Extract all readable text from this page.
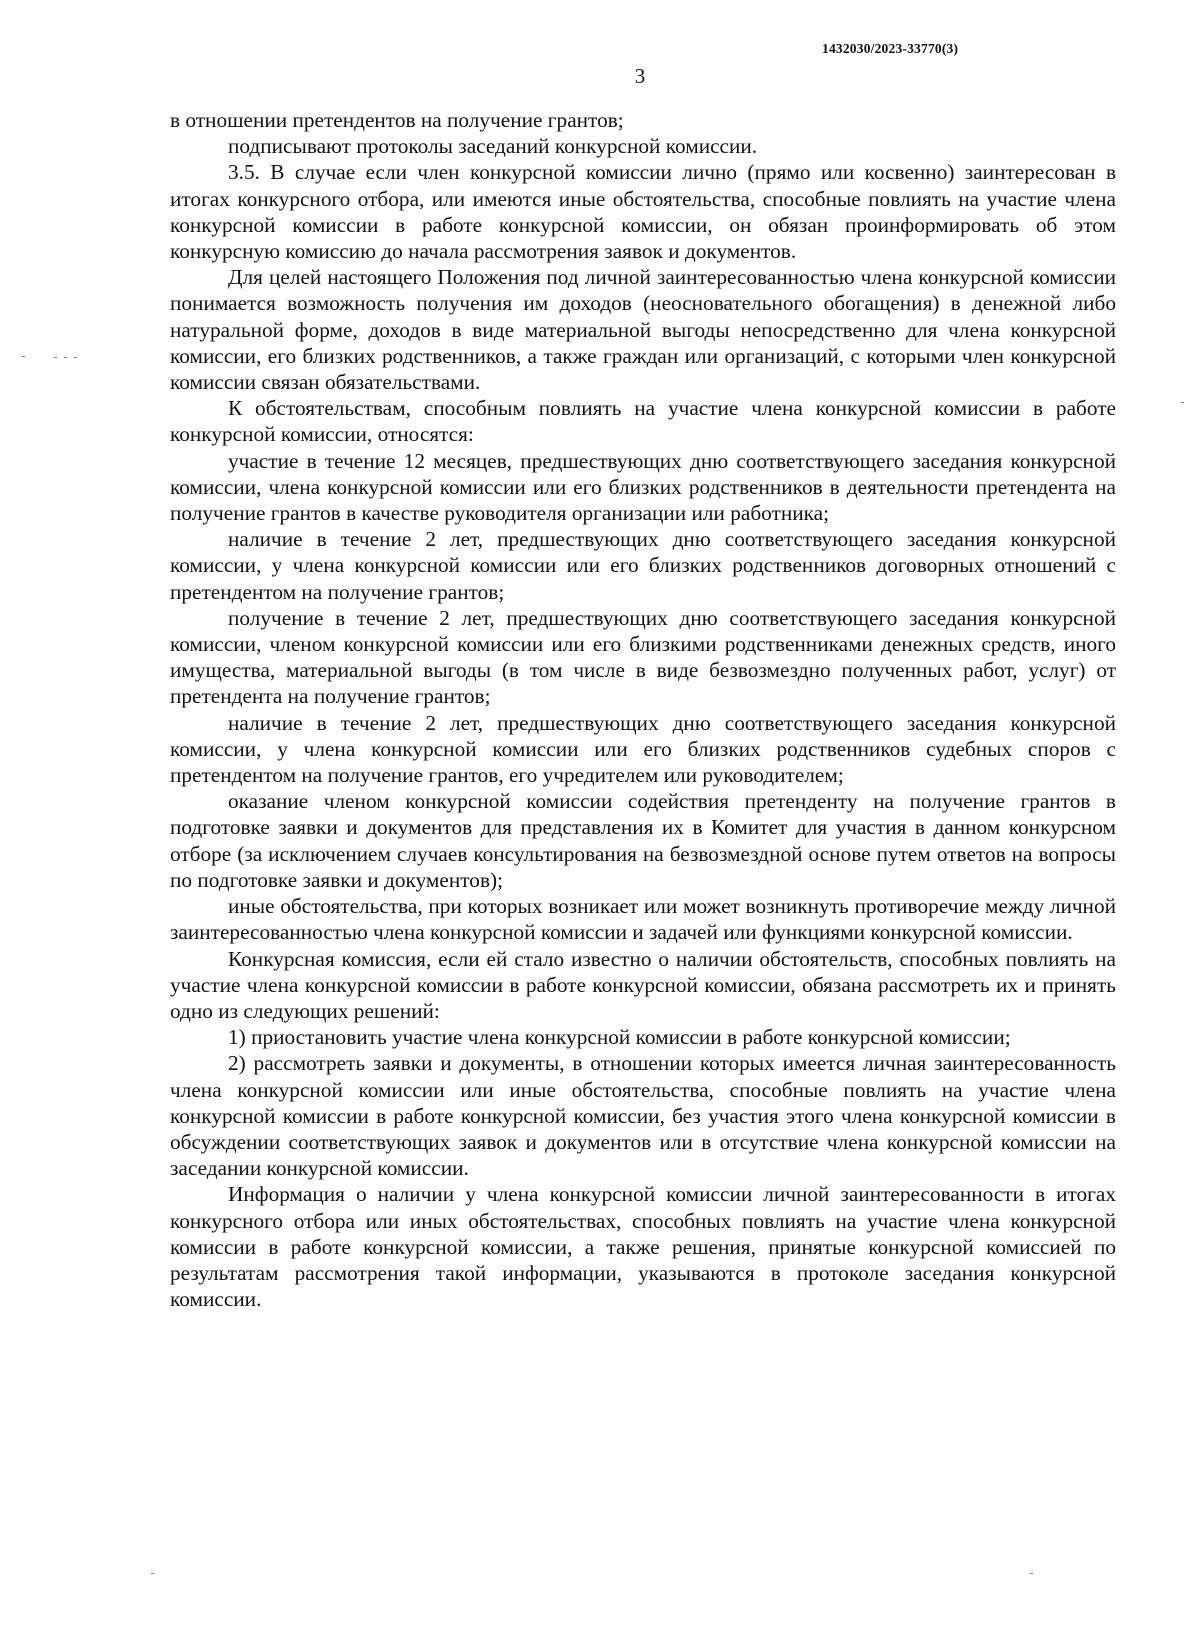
1432030/2023-33770(3)
3

в отношении претендентов на получение грантов;

подписывают протоколы заседаний конкурсной комиссии.

3.5. В случае если член конкурсной комиссии лично (прямо или косвенно) заинтересован в итогах конкурсного отбора, или имеются иные обстоятельства, способные повлиять на участие члена конкурсной комиссии в работе конкурсной комиссии, он обязан проинформировать об этом конкурсную комиссию до начала рассмотрения заявок и документов.

Для целей настоящего Положения под личной заинтересованностью члена конкурсной комиссии понимается возможность получения им доходов (неосновательного обогащения) в денежной либо натуральной форме, доходов в виде материальной выгоды непосредственно для члена конкурсной комиссии, его близких родственников, а также граждан или организаций, с которыми член конкурсной комиссии связан обязательствами.

К обстоятельствам, способным повлиять на участие члена конкурсной комиссии в работе конкурсной комиссии, относятся:

участие в течение 12 месяцев, предшествующих дню соответствующего заседания конкурсной комиссии, члена конкурсной комиссии или его близких родственников в деятельности претендента на получение грантов в качестве руководителя организации или работника;

наличие в течение 2 лет, предшествующих дню соответствующего заседания конкурсной комиссии, у члена конкурсной комиссии или его близких родственников договорных отношений с претендентом на получение грантов;

получение в течение 2 лет, предшествующих дню соответствующего заседания конкурсной комиссии, членом конкурсной комиссии или его близкими родственниками денежных средств, иного имущества, материальной выгоды (в том числе в виде безвозмездно полученных работ, услуг) от претендента на получение грантов;

наличие в течение 2 лет, предшествующих дню соответствующего заседания конкурсной комиссии, у члена конкурсной комиссии или его близких родственников судебных споров с претендентом на получение грантов, его учредителем или руководителем;

оказание членом конкурсной комиссии содействия претенденту на получение грантов в подготовке заявки и документов для представления их в Комитет для участия в данном конкурсном отборе (за исключением случаев консультирования на безвозмездной основе путем ответов на вопросы по подготовке заявки и документов);

иные обстоятельства, при которых возникает или может возникнуть противоречие между личной заинтересованностью члена конкурсной комиссии и задачей или функциями конкурсной комиссии.

Конкурсная комиссия, если ей стало известно о наличии обстоятельств, способных повлиять на участие члена конкурсной комиссии в работе конкурсной комиссии, обязана рассмотреть их и принять одно из следующих решений:

1) приостановить участие члена конкурсной комиссии в работе конкурсной комиссии;

2) рассмотреть заявки и документы, в отношении которых имеется личная заинтересованность члена конкурсной комиссии или иные обстоятельства, способные повлиять на участие члена конкурсной комиссии в работе конкурсной комиссии, без участия этого члена конкурсной комиссии в обсуждении соответствующих заявок и документов или в отсутствие члена конкурсной комиссии на заседании конкурсной комиссии.

Информация о наличии у члена конкурсной комиссии личной заинтересованности в итогах конкурсного отбора или иных обстоятельствах, способных повлиять на участие члена конкурсной комиссии в работе конкурсной комиссии, а также решения, принятые конкурсной комиссией по результатам рассмотрения такой информации, указываются в протоколе заседания конкурсной комиссии.
